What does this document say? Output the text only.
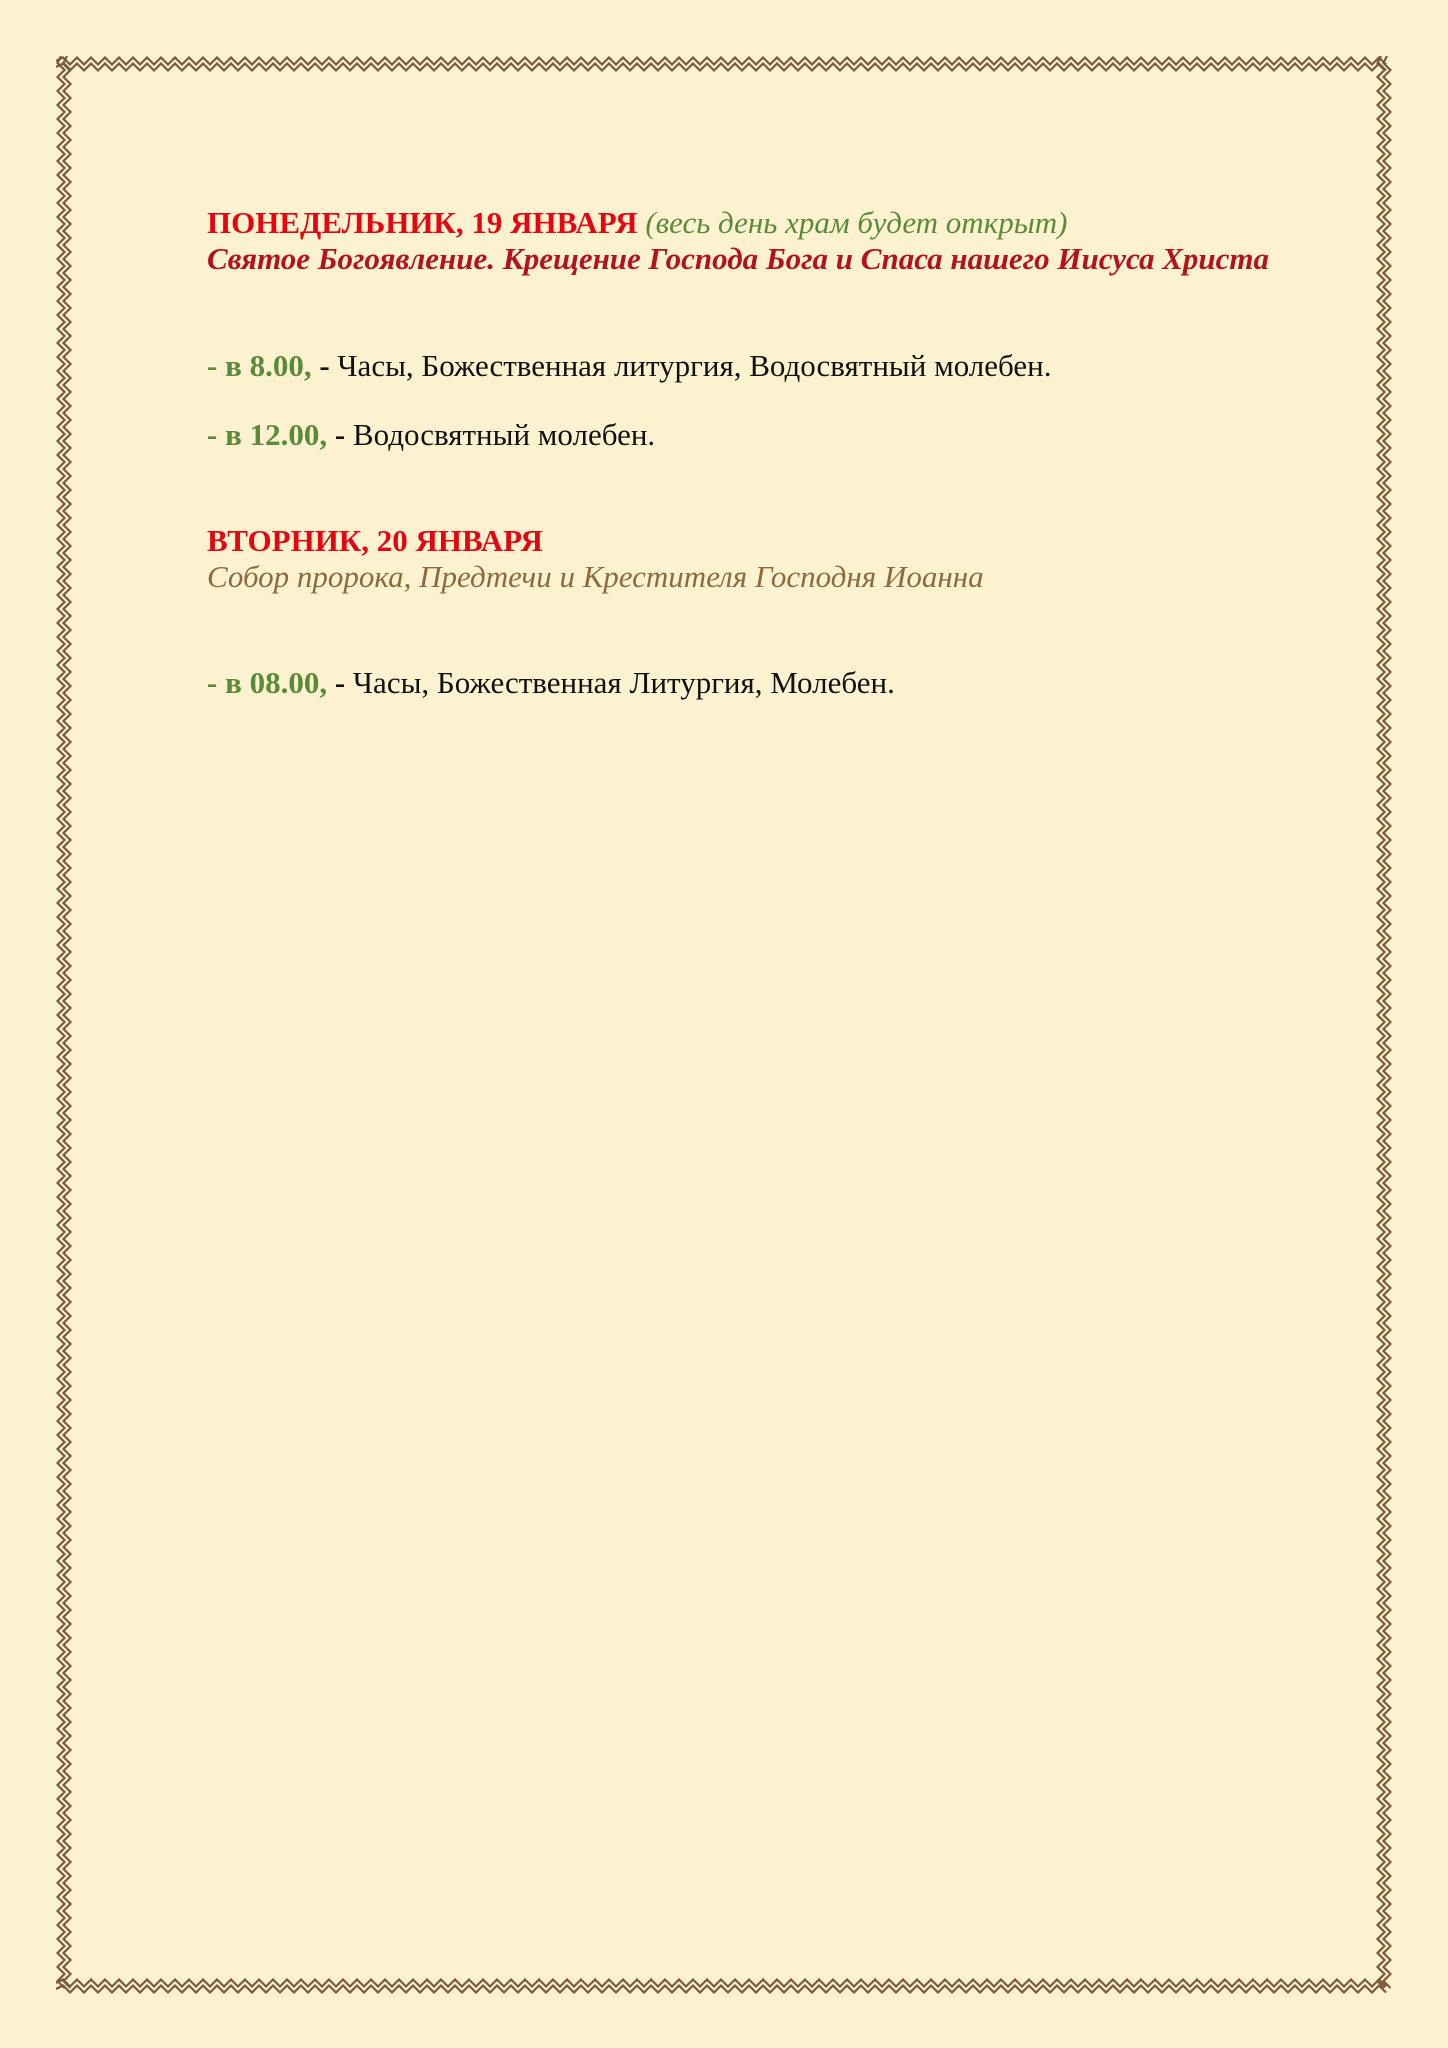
ПОНЕДЕЛЬНИК, 19 ЯНВАРЯ (весь день храм будет открыт)

Святое Богоявление. Крещение Господа Бога и Спаса нашего Иисуса Христа

- в 8.00, - Часы, Божественная литургия, Водосвятный молебен.

- в 12.00, - Водосвятный молебен.

ВТОРНИК, 20 ЯНВАРЯ

Собор пророка, Предтечи и Крестителя Господня Иоанна

- в 08.00, - Часы, Божественная Литургия, Молебен.
